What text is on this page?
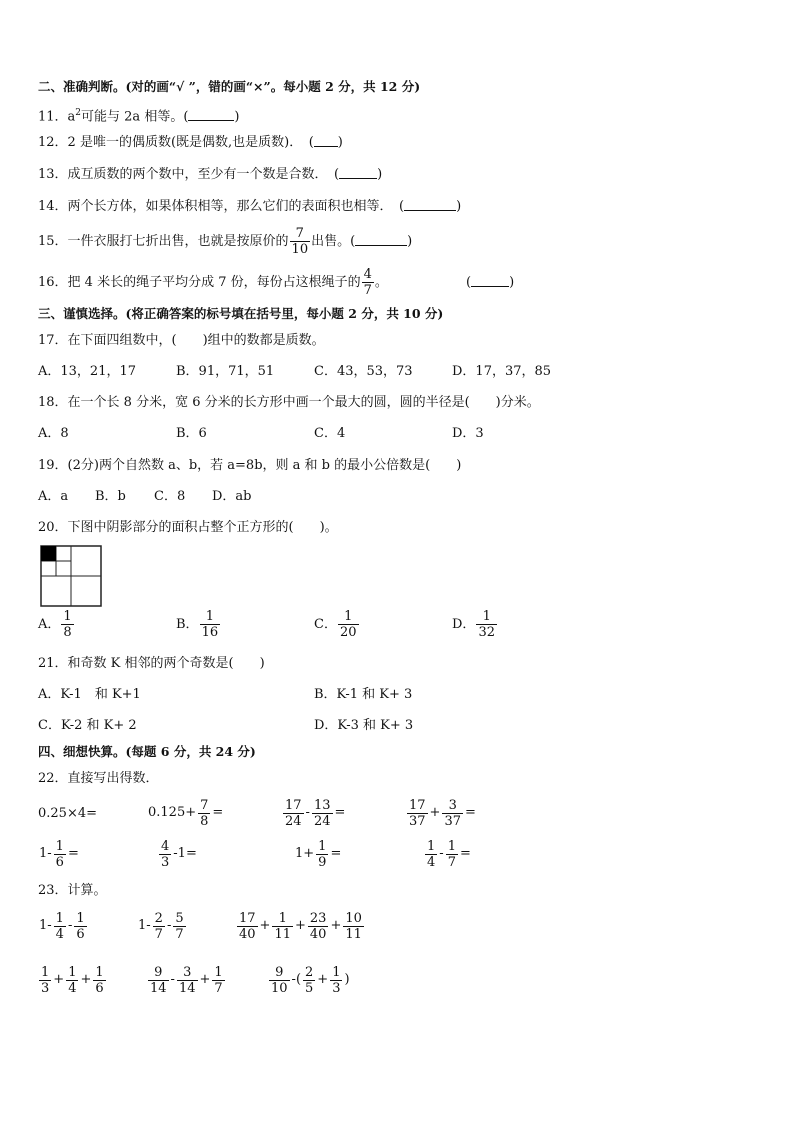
二、准确判断。(对的画“√ ”，错的画“×”。每小题 2 分，共 12 分)
11．$a^2$可能与 2a 相等。(	)
12．2 是唯一的偶质数(既是偶数,也是质数)．　( )
13．成互质数的两个数中，至少有一个数是合数．　(	)
14．两个长方体，如果体积相等，那么它们的表面积也相等．　(	)
15．一件衣服打七折出售，也就是按原价的 $\frac{7}{10}$ 出售。(	)
16．把 4 米长的绳子平均分成 7 份，每份占这根绳子的 $\frac{4}{7}$ 。	(	)
三、谨慎选择。(将正确答案的标号填在括号里，每小题 2 分，共 10 分)
17．在下面四组数中，(　　)组中的数都是质数。
A．13，21，17	B．91，71，51	C．43，53，73	D．17，37，85
18．在一个长 8 分米，宽 6 分米的长方形中画一个最大的圆，圆的半径是(　　)分米。
A．8	B．6	C．4	D．3
19．(2分)两个自然数 a、b，若 a=8b，则 a 和 b 的最小公倍数是(　　)
A．a B．b C．8 D．ab
20．下图中阴影部分的面积占整个正方形的(　　)。
A． $\frac{1}{8}$	B． $\frac{1}{16}$	C． $\frac{1}{20}$	D． $\frac{1}{32}$
21．和奇数 K 相邻的两个奇数是(　　)
A．K-1　和 K+1	B．K-1 和 K+ 3
C．K-2 和 K+ 2	D．K-3 和 K+ 3
四、细想快算。(每题 6 分，共 24 分)
22．直接写出得数．
0.25×4=	$0.125+ \frac{7}{8}$ =	$\frac{17}{24} - \frac{13}{24}$ =	$\frac{17}{37} + \frac{3}{37}$ =
$1- \frac{1}{6}$ =	$\frac{4}{3} -1=$	$1+ \frac{1}{9}$ =	$\frac{1}{4} - \frac{1}{7}$ =
23．计算。
$1- \frac{1}{4} - \frac{1}{6}$	$1- \frac{2}{7} - \frac{5}{7}$	$\frac{17}{40} + \frac{1}{11} + \frac{23}{40} + \frac{10}{11}$
$\frac{1}{3} + \frac{1}{4} + \frac{1}{6}$	$\frac{9}{14} - \frac{3}{14} + \frac{1}{7}$	$\frac{9}{10}$ -( $\frac{2}{5} + \frac{1}{3}$ )
